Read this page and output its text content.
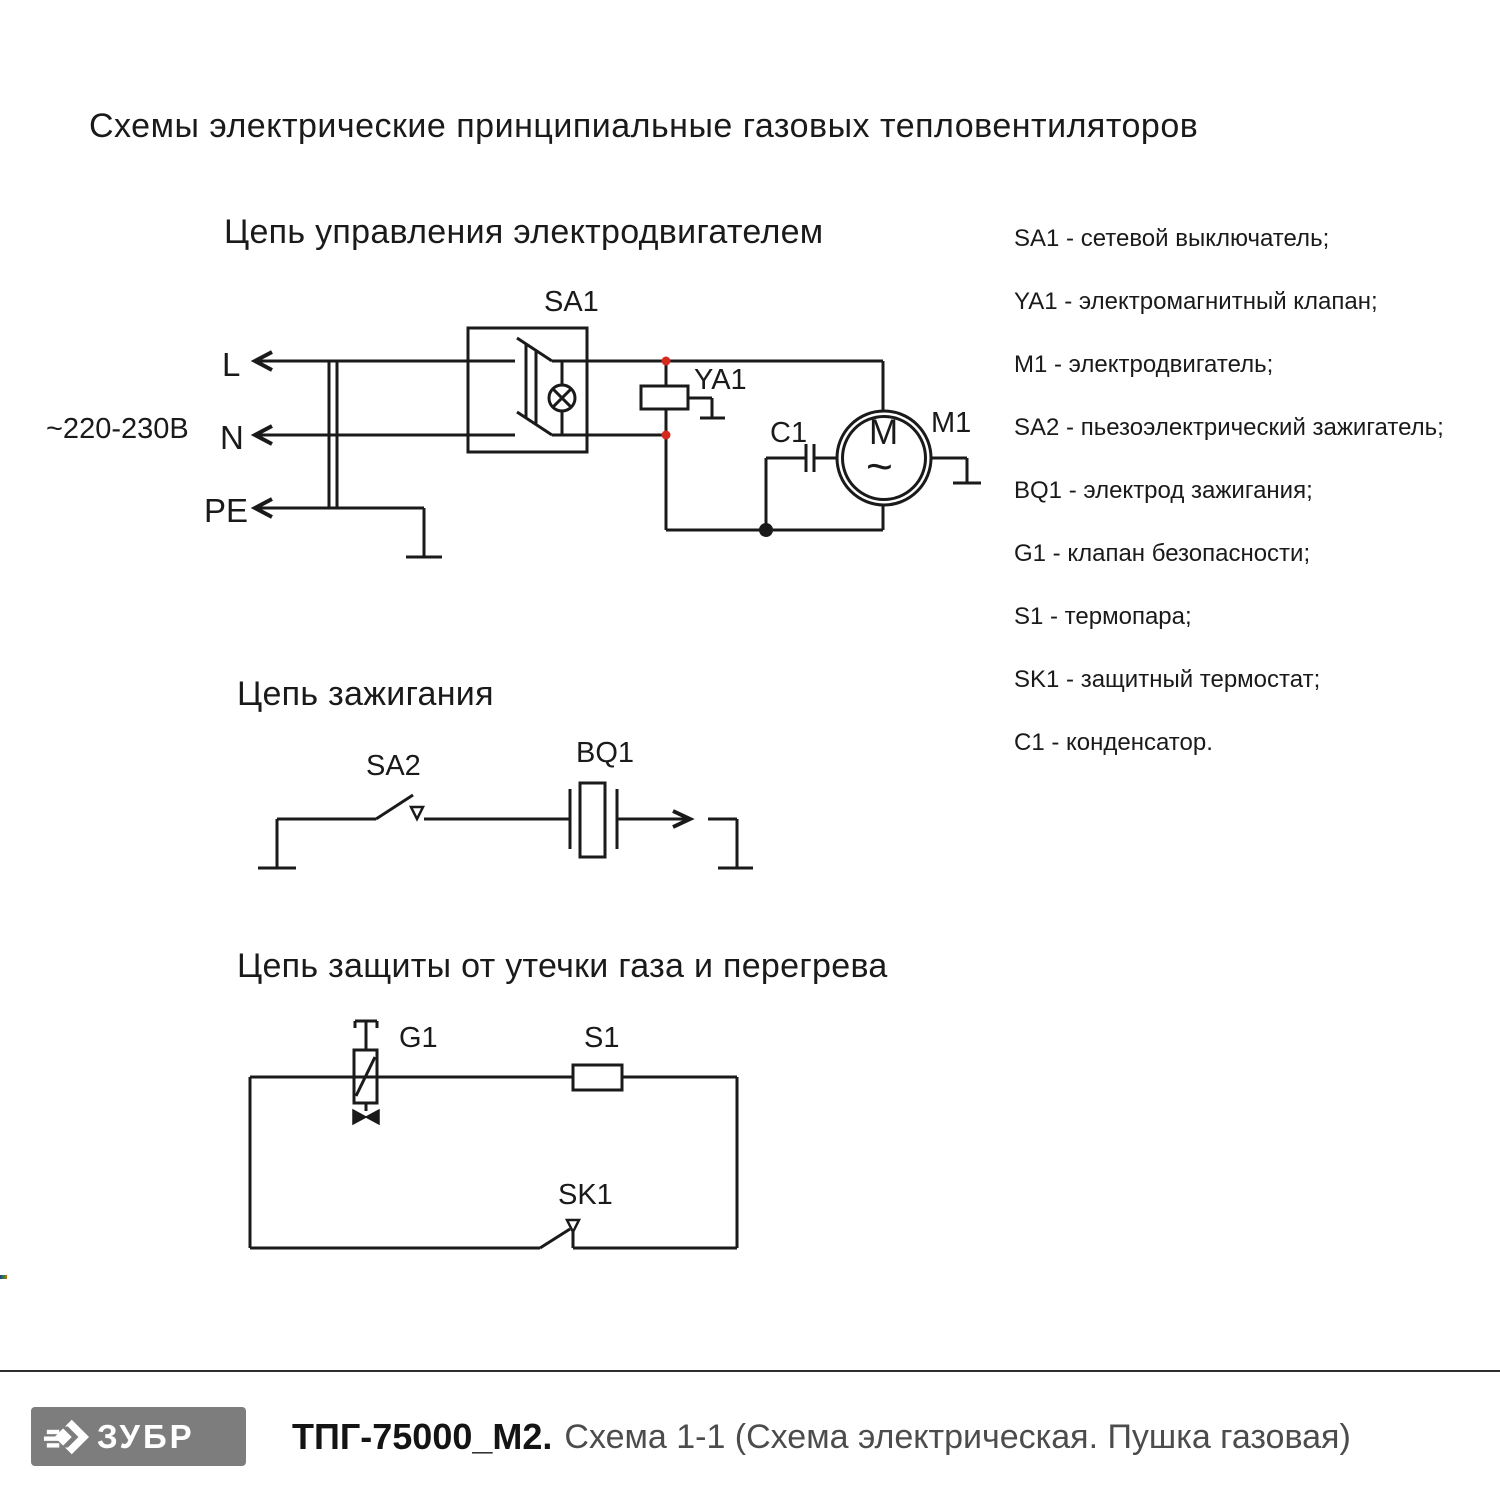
Схемы электрические принципиальные газовых тепловентиляторов
Цепь управления электродвигателем
Цепь зажигания
Цепь защиты от утечки газа и перегрева
SA1 - сетевой выключатель;
YA1 - электромагнитный клапан;
M1 - электродвигатель;
SA2 - пьезоэлектрический зажигатель;
BQ1 - электрод зажигания;
G1 - клапан безопасности;
S1 - термопара;
SK1 - защитный термостат;
C1 - конденсатор.
L
N
PE
~220-230В
SA1
YA1
C1	M1
M
~
SA2	BQ1
G1	S1
SK1
ЗУБР	ТПГ-75000_М2. Схема 1-1 (Схема электрическая. Пушка газовая)
